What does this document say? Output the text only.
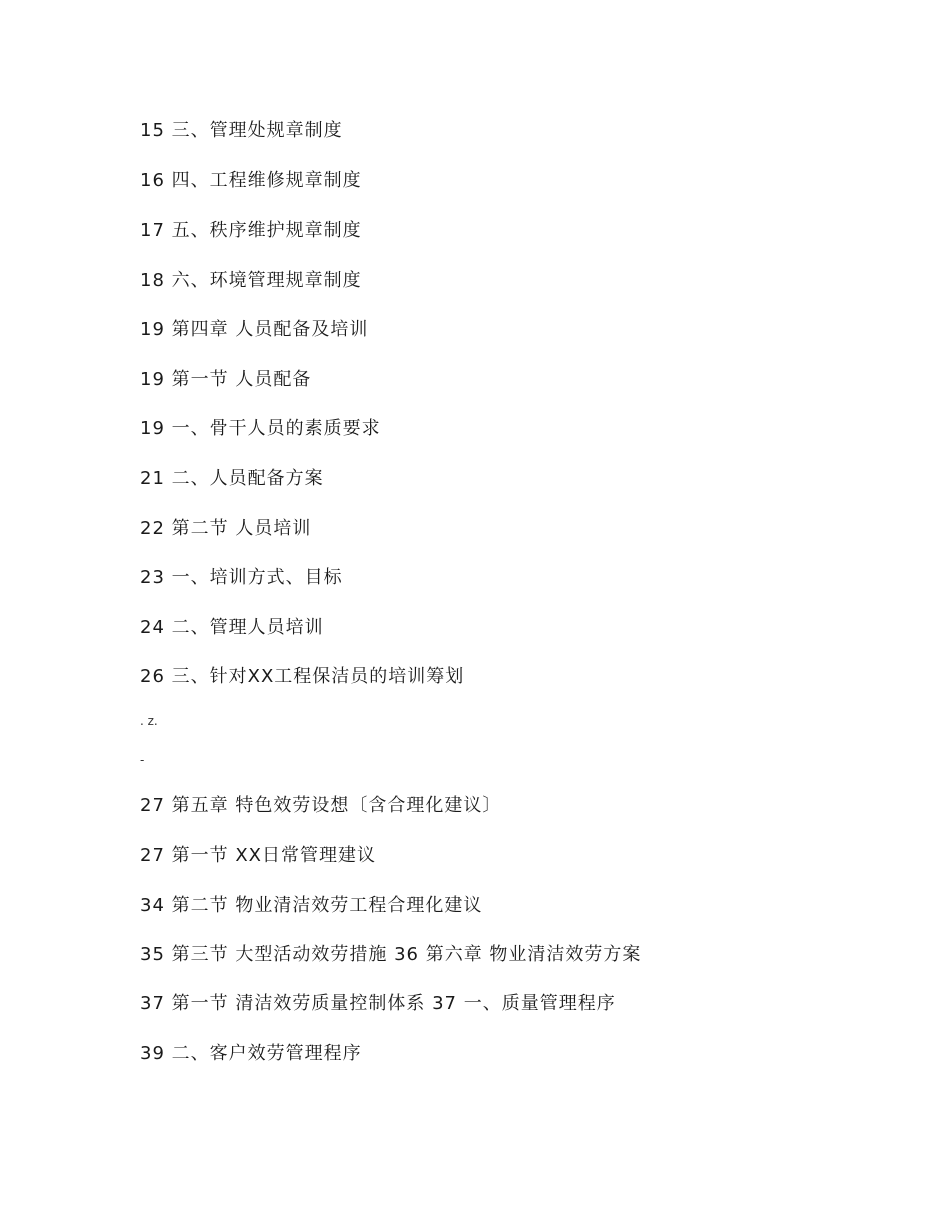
15 三、管理处规章制度
16 四、工程维修规章制度
17 五、秩序维护规章制度
18 六、环境管理规章制度
19 第四章 人员配备及培训
19 第一节 人员配备
19 一、骨干人员的素质要求
21 二、人员配备方案
22 第二节 人员培训
23 一、培训方式、目标
24 二、管理人员培训
26 三、针对XX工程保洁员的培训筹划
. z.
-
27 第五章 特色效劳设想〔含合理化建议〕
27 第一节 XX日常管理建议
34 第二节 物业清洁效劳工程合理化建议
35 第三节 大型活动效劳措施 36 第六章 物业清洁效劳方案
37 第一节 清洁效劳质量控制体系 37 一、质量管理程序
39 二、客户效劳管理程序
